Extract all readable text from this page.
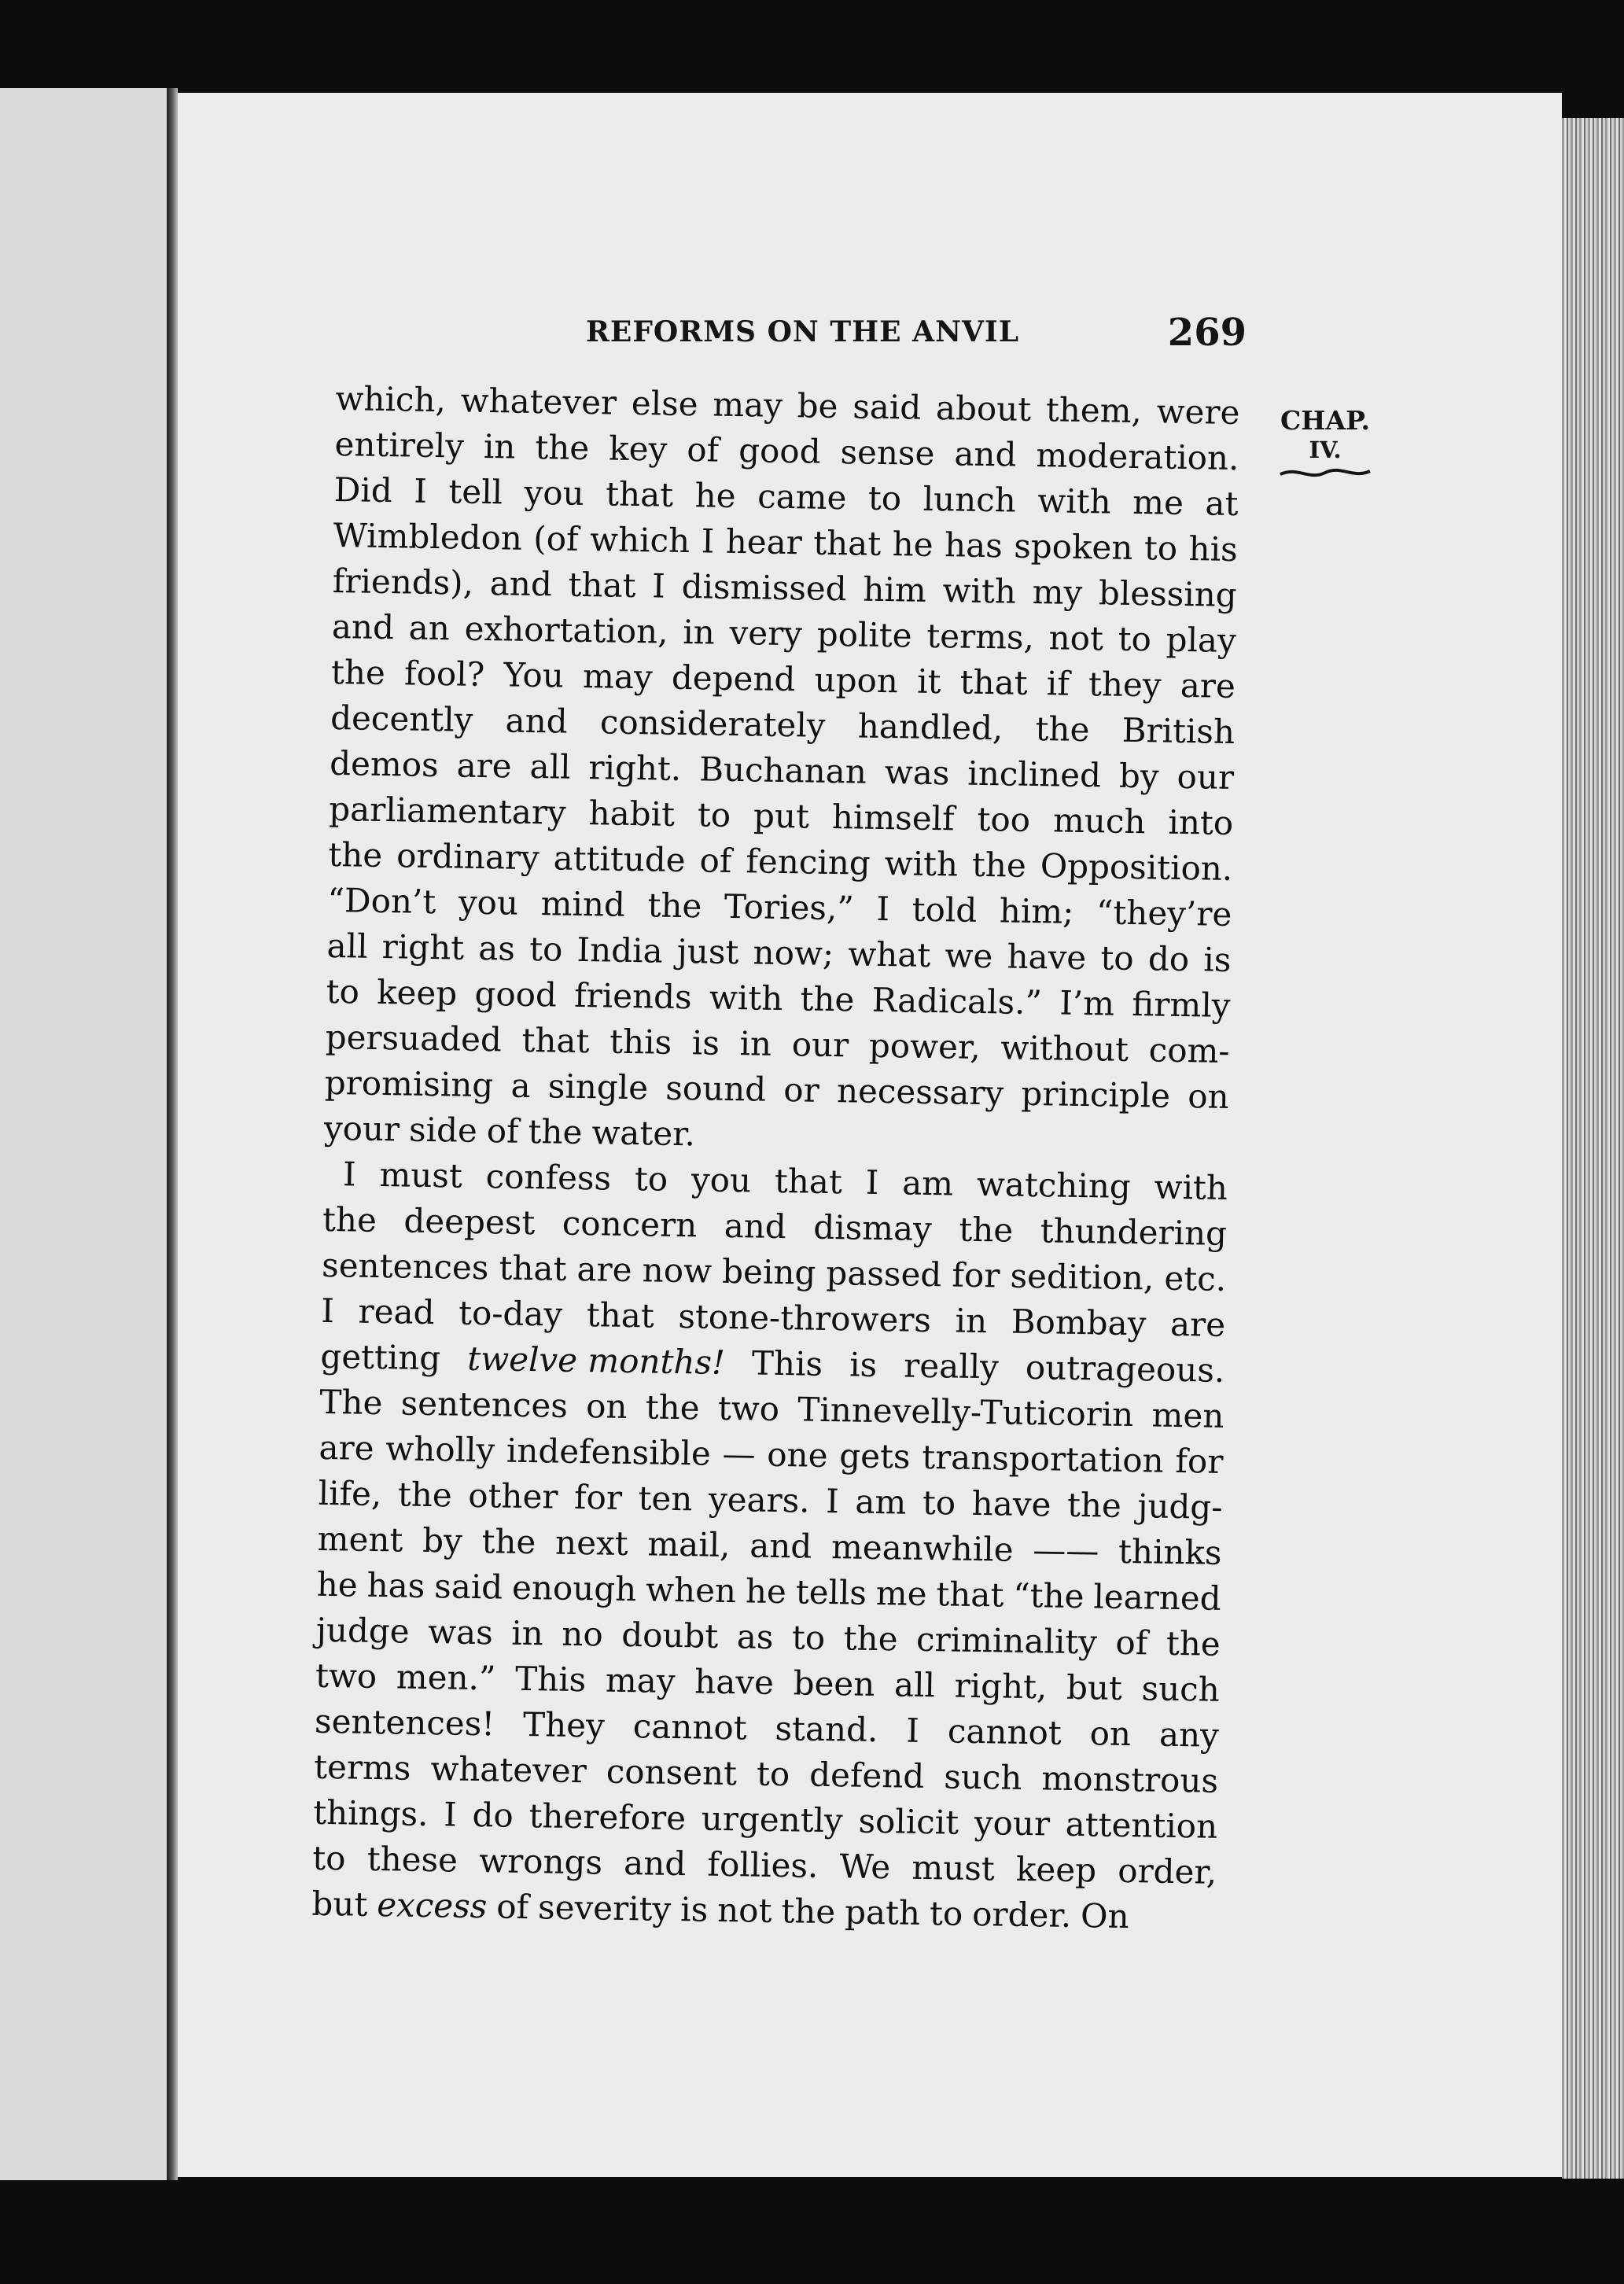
REFORMS ON THE ANVIL	269
CHAP.
IV.
which, whatever else may be said about them, were
entirely in the key of good sense and moderation.
Did I tell you that he came to lunch with me at
Wimbledon (of which I hear that he has spoken to his
friends), and that I dismissed him with my blessing
and an exhortation, in very polite terms, not to play
the fool? You may depend upon it that if they are
decently and considerately handled, the British
demos are all right. Buchanan was inclined by our
parliamentary habit to put himself too much into
the ordinary attitude of fencing with the Opposition.
“Don’t you mind the Tories,” I told him; “they’re
all right as to India just now; what we have to do is
to keep good friends with the Radicals.” I’m firmly
persuaded that this is in our power, without com-
promising a single sound or necessary principle on
your side of the water.
I must confess to you that I am watching with
the deepest concern and dismay the thundering
sentences that are now being passed for sedition, etc.
I read to-day that stone-throwers in Bombay are
getting twelve months! This is really outrageous.
The sentences on the two Tinnevelly-Tuticorin men
are wholly indefensible — one gets transportation for
life, the other for ten years. I am to have the judg-
ment by the next mail, and meanwhile —— thinks
he has said enough when he tells me that “the learned
judge was in no doubt as to the criminality of the
two men.” This may have been all right, but such
sentences! They cannot stand. I cannot on any
terms whatever consent to defend such monstrous
things. I do therefore urgently solicit your attention
to these wrongs and follies. We must keep order,
but excess of severity is not the path to order. On
